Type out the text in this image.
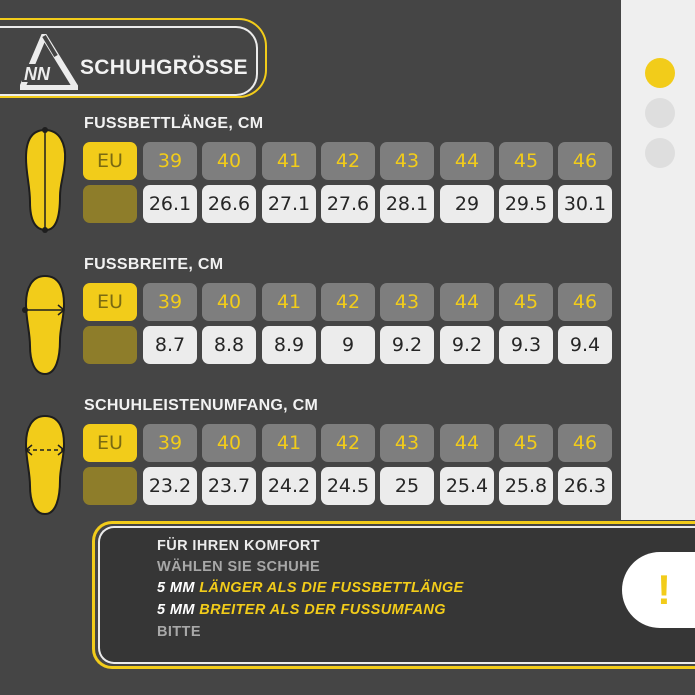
NN SCHUHGRÖSSE
FUSSBETTLÄNGE, CM
FUSSBREITE, CM
SCHUHLEISTENUMFANG, CM
EU	39	40	41	42	43	44	45	46
26.1 26.6 27.1 27.6 28.1	29	29.5 30.1
EU	39	40	41	42	43	44	45	46
8.7	8.8	8.9	9	9.2	9.2	9.3	9.4
EU	39	40	41	42	43	44	45	46
23.2 23.7 24.2 24.5	25	25.4 25.8 26.3
FÜR IHREN KOMFORT
WÄHLEN SIE SCHUHE
5 MM LÄNGER ALS DIE FUSSBETTLÄNGE
5 MM BREITER ALS DER FUSSUMFANG
BITTE
!
